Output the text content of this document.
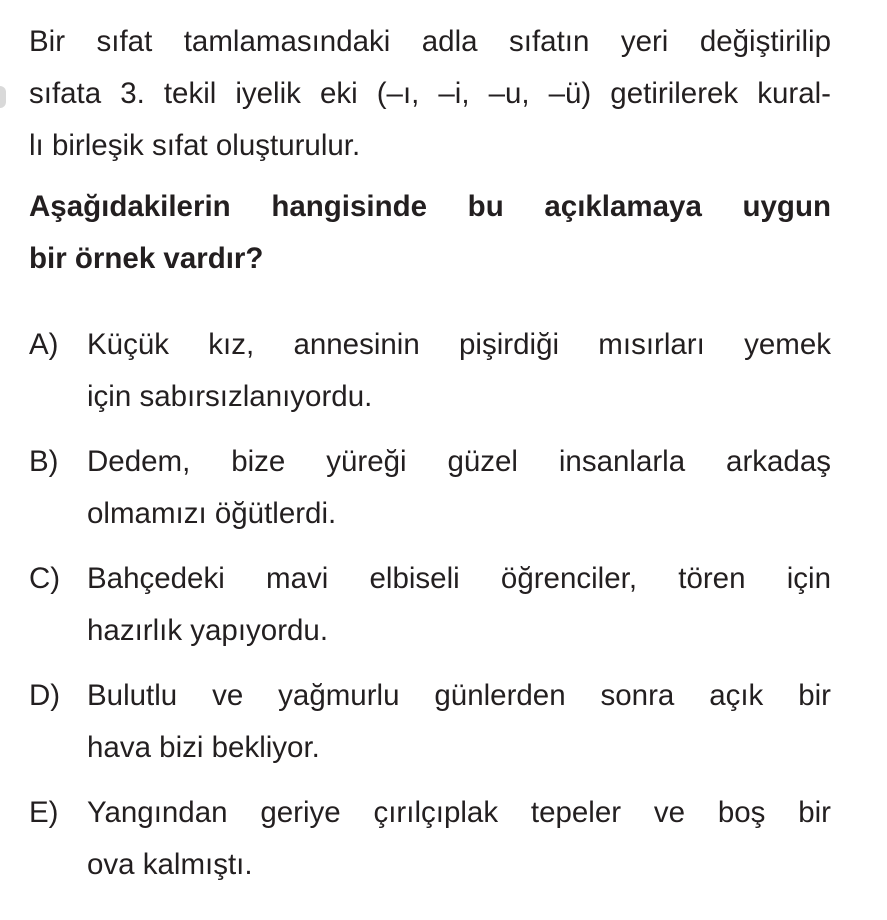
Bir sıfat tamlamasındaki adla sıfatın yeri değiştirilip
sıfata 3. tekil iyelik eki (–ı, –i, –u, –ü) getirilerek kural-
lı birleşik sıfat oluşturulur.

Aşağıdakilerin hangisinde bu açıklamaya uygun
bir örnek vardır?

A) Küçük kız, annesinin pişirdiği mısırları yemek
için sabırsızlanıyordu.
B) Dedem, bize yüreği güzel insanlarla arkadaş
olmamızı öğütlerdi.
C) Bahçedeki mavi elbiseli öğrenciler, tören için
hazırlık yapıyordu.
D) Bulutlu ve yağmurlu günlerden sonra açık bir
hava bizi bekliyor.
E) Yangından geriye çırılçıplak tepeler ve boş bir
ova kalmıştı.
